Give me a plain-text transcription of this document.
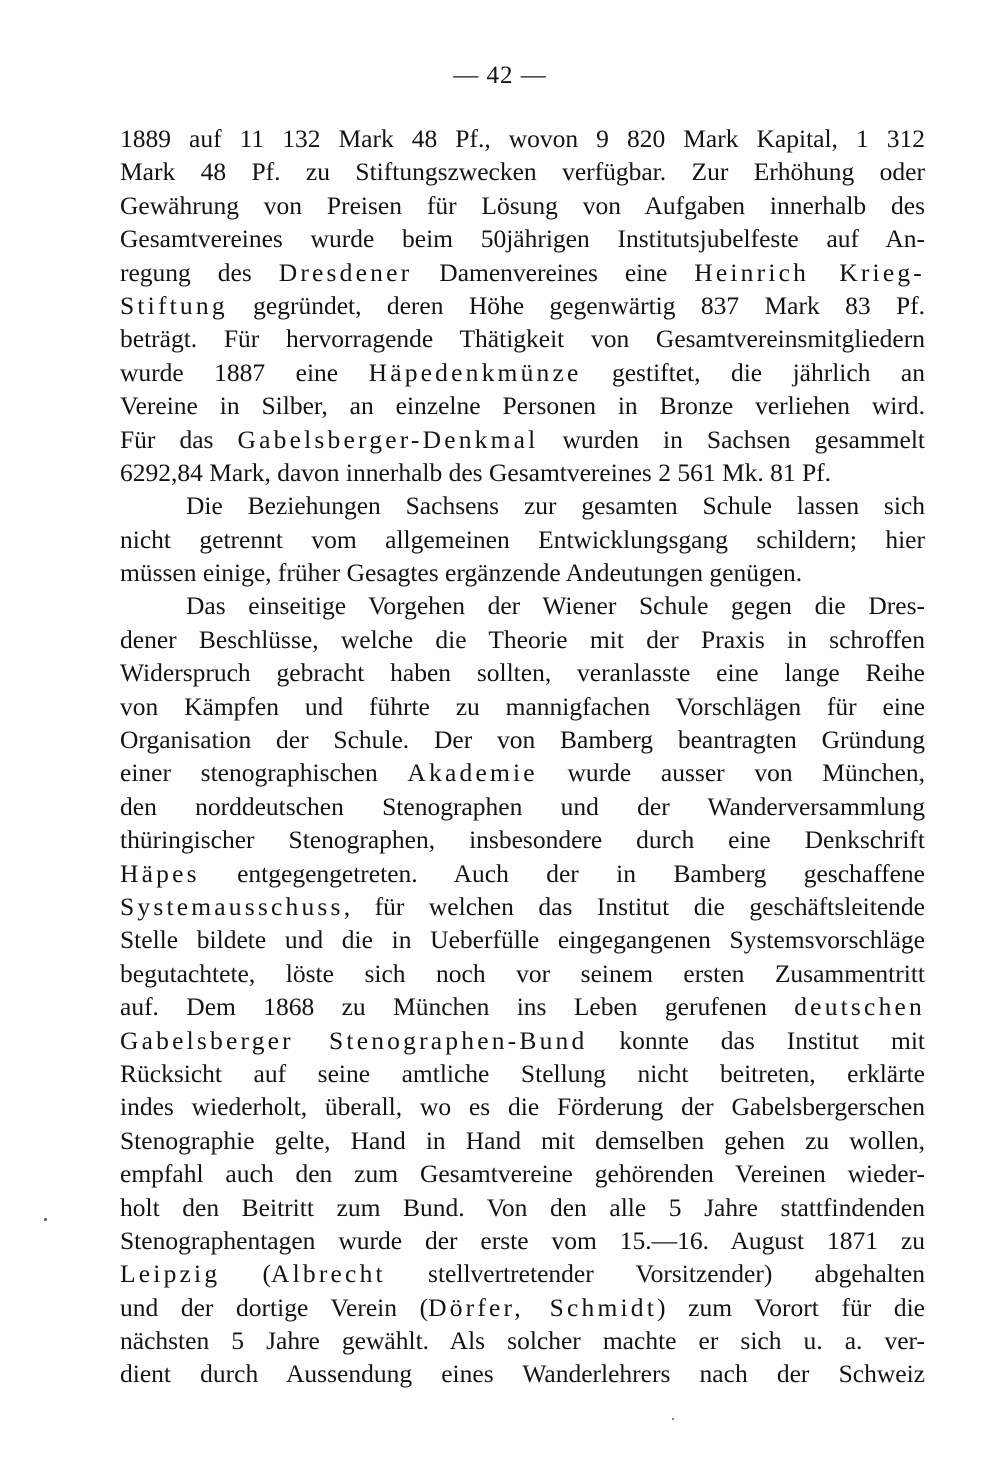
— 42 —
1889 auf 11 132 Mark 48 Pf., wovon 9 820 Mark Kapital, 1 312
Mark 48 Pf. zu Stiftungszwecken verfügbar. Zur Erhöhung oder
Gewährung von Preisen für Lösung von Aufgaben innerhalb des
Gesamtvereines wurde beim 50jährigen Institutsjubelfeste auf An-
regung des Dresdener Damenvereines eine Heinrich Krieg-
Stiftung gegründet, deren Höhe gegenwärtig 837 Mark 83 Pf.
beträgt. Für hervorragende Thätigkeit von Gesamtvereinsmitgliedern
wurde 1887 eine Häpedenkmünze gestiftet, die jährlich an
Vereine in Silber, an einzelne Personen in Bronze verliehen wird.
Für das Gabelsberger-Denkmal wurden in Sachsen gesammelt
6292,84 Mark, davon innerhalb des Gesamtvereines 2 561 Mk. 81 Pf.
Die Beziehungen Sachsens zur gesamten Schule lassen sich
nicht getrennt vom allgemeinen Entwicklungsgang schildern; hier
müssen einige, früher Gesagtes ergänzende Andeutungen genügen.
Das einseitige Vorgehen der Wiener Schule gegen die Dres-
dener Beschlüsse, welche die Theorie mit der Praxis in schroffen
Widerspruch gebracht haben sollten, veranlasste eine lange Reihe
von Kämpfen und führte zu mannigfachen Vorschlägen für eine
Organisation der Schule. Der von Bamberg beantragten Gründung
einer stenographischen Akademie wurde ausser von München,
den norddeutschen Stenographen und der Wanderversammlung
thüringischer Stenographen, insbesondere durch eine Denkschrift
Häpes entgegengetreten. Auch der in Bamberg geschaffene
Systemausschuss, für welchen das Institut die geschäftsleitende
Stelle bildete und die in Ueberfülle eingegangenen Systemsvorschläge
begutachtete, löste sich noch vor seinem ersten Zusammentritt
auf. Dem 1868 zu München ins Leben gerufenen deutschen
Gabelsberger Stenographen-Bund konnte das Institut mit
Rücksicht auf seine amtliche Stellung nicht beitreten, erklärte
indes wiederholt, überall, wo es die Förderung der Gabelsbergerschen
Stenographie gelte, Hand in Hand mit demselben gehen zu wollen,
empfahl auch den zum Gesamtvereine gehörenden Vereinen wieder-
holt den Beitritt zum Bund. Von den alle 5 Jahre stattfindenden
Stenographentagen wurde der erste vom 15.—16. August 1871 zu
Leipzig (Albrecht stellvertretender Vorsitzender) abgehalten
und der dortige Verein (Dörfer, Schmidt) zum Vorort für die
nächsten 5 Jahre gewählt. Als solcher machte er sich u. a. ver-
dient durch Aussendung eines Wanderlehrers nach der Schweiz
